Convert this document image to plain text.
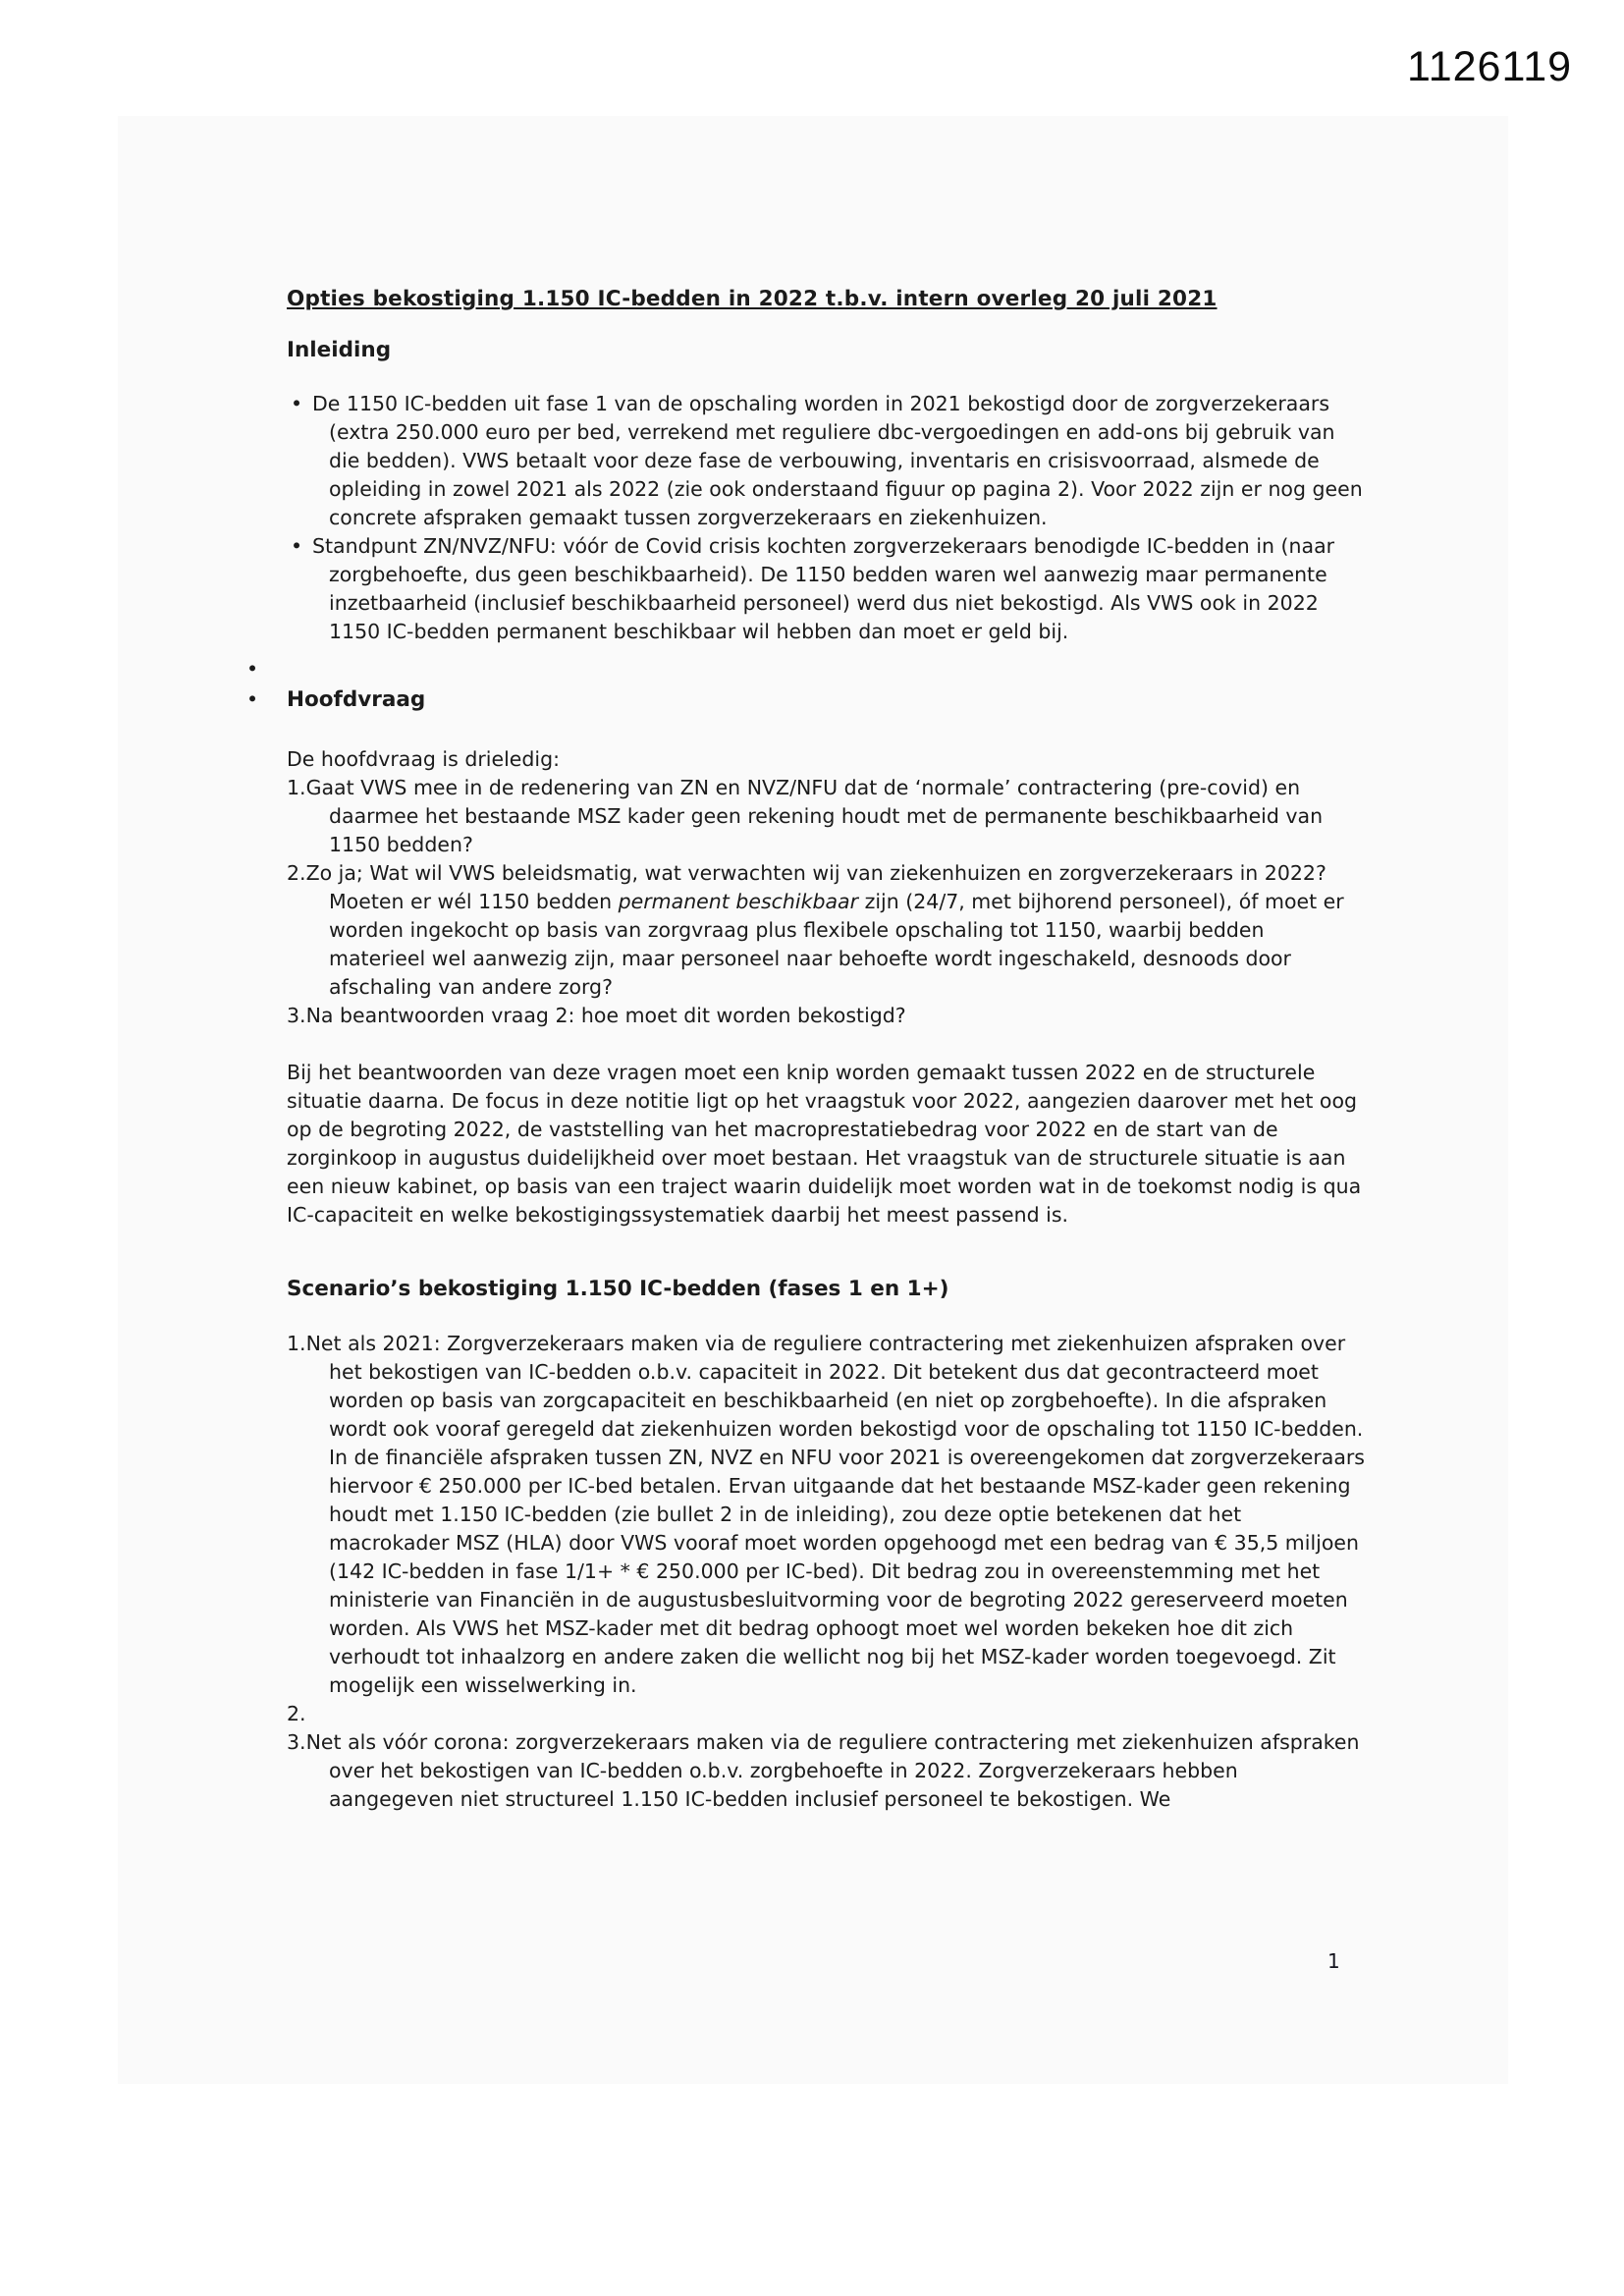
1126119
Opties bekostiging 1.150 IC-bedden in 2022 t.b.v. intern overleg 20 juli 2021
Inleiding
• De 1150 IC-bedden uit fase 1 van de opschaling worden in 2021 bekostigd door de zorgverzekeraars (extra 250.000 euro per bed, verrekend met reguliere dbc-vergoedingen en add-ons bij gebruik van die bedden). VWS betaalt voor deze fase de verbouwing, inventaris en crisisvoorraad, alsmede de opleiding in zowel 2021 als 2022 (zie ook onderstaand figuur op pagina 2). Voor 2022 zijn er nog geen concrete afspraken gemaakt tussen zorgverzekeraars en ziekenhuizen.
• Standpunt ZN/NVZ/NFU: vóór de Covid crisis kochten zorgverzekeraars benodigde IC-bedden in (naar zorgbehoefte, dus geen beschikbaarheid). De 1150 bedden waren wel aanwezig maar permanente inzetbaarheid (inclusief beschikbaarheid personeel) werd dus niet bekostigd. Als VWS ook in 2022 1150 IC-bedden permanent beschikbaar wil hebben dan moet er geld bij.
•
• Hoofdvraag
De hoofdvraag is drieledig:
1.Gaat VWS mee in de redenering van ZN en NVZ/NFU dat de ‘normale’ contractering (pre-covid) en daarmee het bestaande MSZ kader geen rekening houdt met de permanente beschikbaarheid van 1150 bedden?
2.Zo ja; Wat wil VWS beleidsmatig, wat verwachten wij van ziekenhuizen en zorgverzekeraars in 2022? Moeten er wél 1150 bedden permanent beschikbaar zijn (24/7, met bijhorend personeel), óf moet er worden ingekocht op basis van zorgvraag plus flexibele opschaling tot 1150, waarbij bedden materieel wel aanwezig zijn, maar personeel naar behoefte wordt ingeschakeld, desnoods door afschaling van andere zorg?
3.Na beantwoorden vraag 2: hoe moet dit worden bekostigd?
Bij het beantwoorden van deze vragen moet een knip worden gemaakt tussen 2022 en de structurele situatie daarna. De focus in deze notitie ligt op het vraagstuk voor 2022, aangezien daarover met het oog op de begroting 2022, de vaststelling van het macroprestatiebedrag voor 2022 en de start van de zorginkoop in augustus duidelijkheid over moet bestaan. Het vraagstuk van de structurele situatie is aan een nieuw kabinet, op basis van een traject waarin duidelijk moet worden wat in de toekomst nodig is qua IC-capaciteit en welke bekostigingssystematiek daarbij het meest passend is.
Scenario’s bekostiging 1.150 IC-bedden (fases 1 en 1+)
1.Net als 2021: Zorgverzekeraars maken via de reguliere contractering met ziekenhuizen afspraken over het bekostigen van IC-bedden o.b.v. capaciteit in 2022. Dit betekent dus dat gecontracteerd moet worden op basis van zorgcapaciteit en beschikbaarheid (en niet op zorgbehoefte). In die afspraken wordt ook vooraf geregeld dat ziekenhuizen worden bekostigd voor de opschaling tot 1150 IC-bedden. In de financiële afspraken tussen ZN, NVZ en NFU voor 2021 is overeengekomen dat zorgverzekeraars hiervoor € 250.000 per IC-bed betalen. Ervan uitgaande dat het bestaande MSZ-kader geen rekening houdt met 1.150 IC-bedden (zie bullet 2 in de inleiding), zou deze optie betekenen dat het macrokader MSZ (HLA) door VWS vooraf moet worden opgehoogd met een bedrag van € 35,5 miljoen (142 IC-bedden in fase 1/1+ * € 250.000 per IC-bed). Dit bedrag zou in overeenstemming met het ministerie van Financiën in de augustusbesluitvorming voor de begroting 2022 gereserveerd moeten worden. Als VWS het MSZ-kader met dit bedrag ophoogt moet wel worden bekeken hoe dit zich verhoudt tot inhaalzorg en andere zaken die wellicht nog bij het MSZ-kader worden toegevoegd. Zit mogelijk een wisselwerking in.
2.
3.Net als vóór corona: zorgverzekeraars maken via de reguliere contractering met ziekenhuizen afspraken over het bekostigen van IC-bedden o.b.v. zorgbehoefte in 2022. Zorgverzekeraars hebben aangegeven niet structureel 1.150 IC-bedden inclusief personeel te bekostigen. We
1
